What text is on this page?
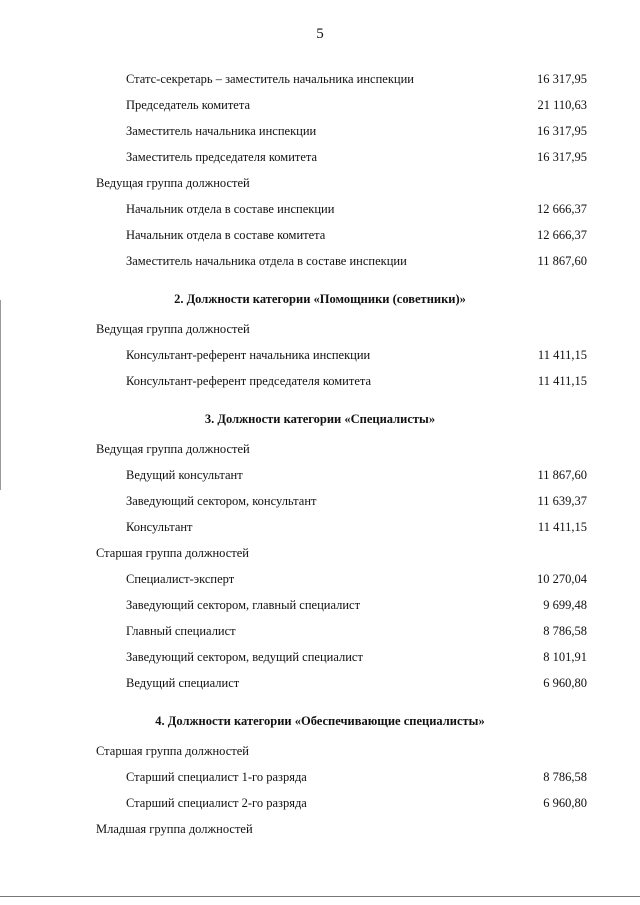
5
Статс-секретарь – заместитель начальника инспекции	16 317,95
Председатель комитета	21 110,63
Заместитель начальника инспекции	16 317,95
Заместитель председателя комитета	16 317,95
Ведущая группа должностей
Начальник отдела в составе инспекции	12 666,37
Начальник отдела в составе комитета	12 666,37
Заместитель начальника отдела в составе инспекции	11 867,60
2. Должности категории «Помощники (советники)»
Ведущая группа должностей
Консультант-референт начальника инспекции	11 411,15
Консультант-референт председателя комитета	11 411,15
3. Должности категории «Специалисты»
Ведущая группа должностей
Ведущий консультант	11 867,60
Заведующий сектором, консультант	11 639,37
Консультант	11 411,15
Старшая группа должностей
Специалист-эксперт	10 270,04
Заведующий сектором, главный специалист	9 699,48
Главный специалист	8 786,58
Заведующий сектором, ведущий специалист	8 101,91
Ведущий специалист	6 960,80
4. Должности категории «Обеспечивающие специалисты»
Старшая группа должностей
Старший специалист 1-го разряда	8 786,58
Старший специалист 2-го разряда	6 960,80
Младшая группа должностей
